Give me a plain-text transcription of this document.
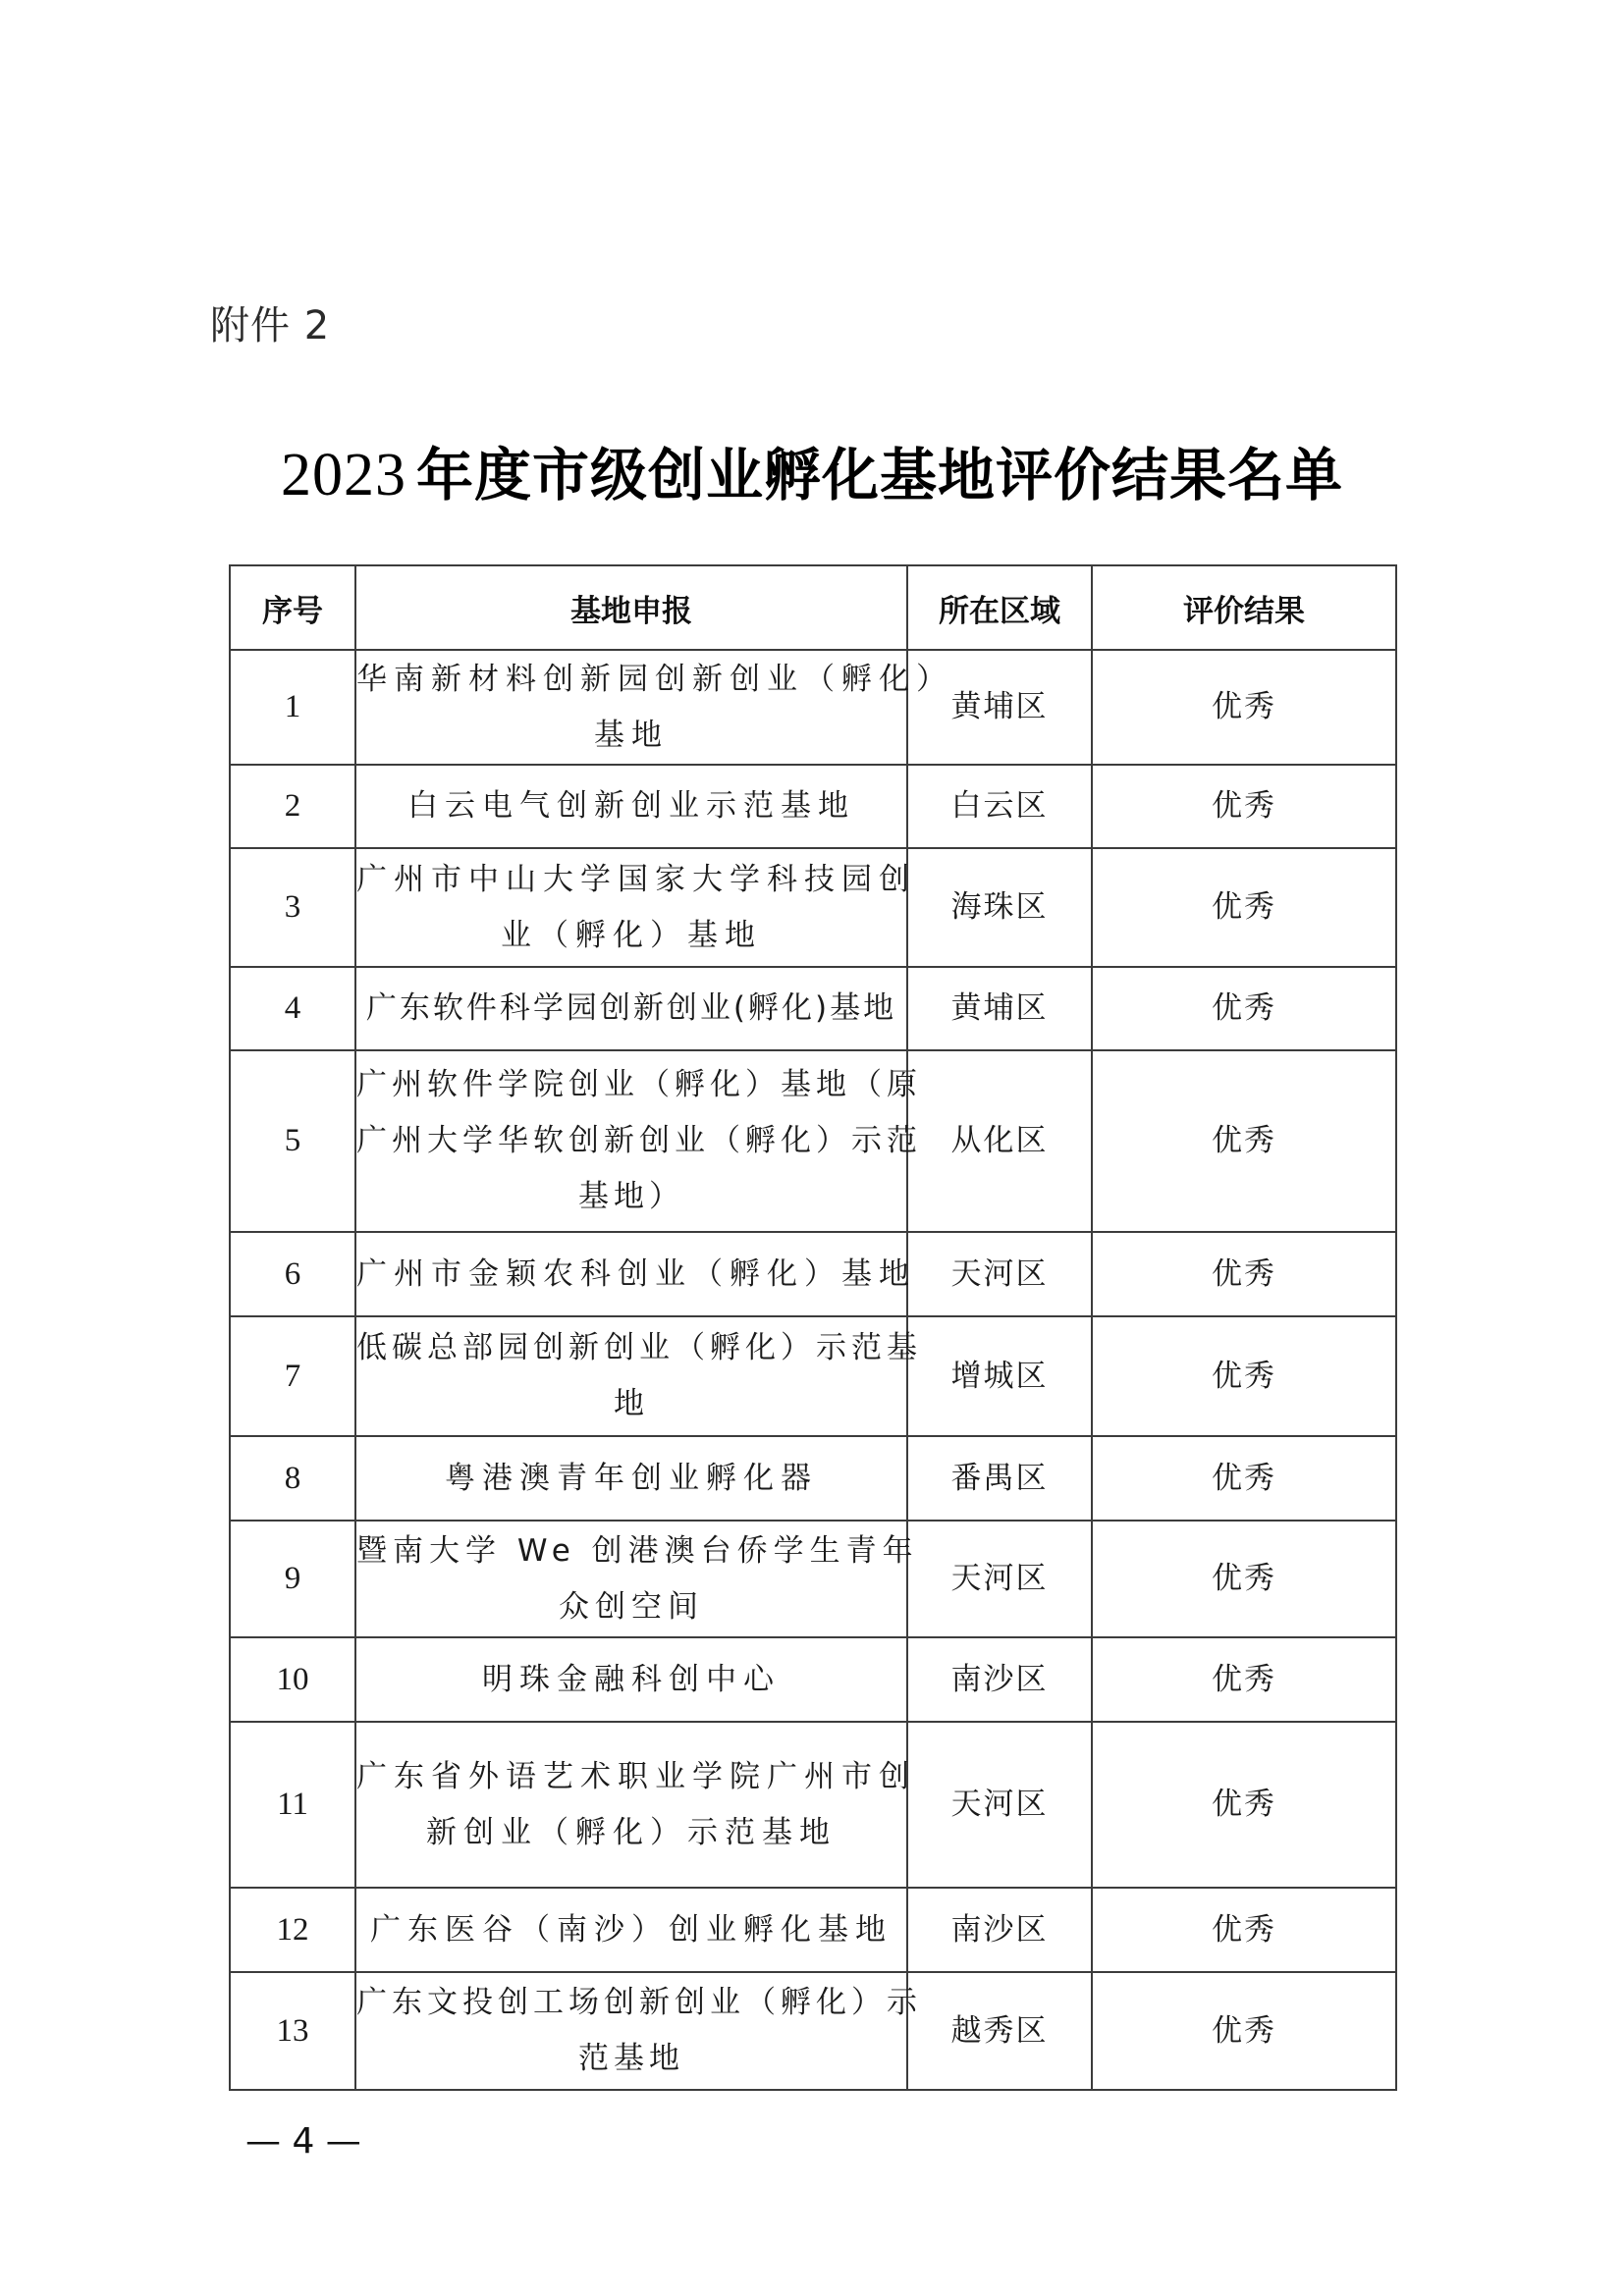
附件 2
2023 年度市级创业孵化基地评价结果名单
序号	基地申报	所在区域	评价结果
1	华南新材料创新园创新创业（孵化）
基地	黄埔区	优秀
2	白云电气创新创业示范基地	白云区	优秀
3	广州市中山大学国家大学科技园创
业（孵化）基地	海珠区	优秀
4	广东软件科学园创新创业(孵化)基地	黄埔区	优秀
5	广州软件学院创业（孵化）基地（原
广州大学华软创新创业（孵化）示范
基地）	从化区	优秀
6	广州市金颖农科创业（孵化）基地	天河区	优秀
7	低碳总部园创新创业（孵化）示范基
地	增城区	优秀
8	粤港澳青年创业孵化器	番禺区	优秀
9	暨南大学 We 创港澳台侨学生青年
众创空间	天河区	优秀
10	明珠金融科创中心	南沙区	优秀
11	广东省外语艺术职业学院广州市创
新创业（孵化）示范基地	天河区	优秀
12	广东医谷（南沙）创业孵化基地	南沙区	优秀
13	广东文投创工场创新创业（孵化）示
范基地	越秀区	优秀
— 4 —
